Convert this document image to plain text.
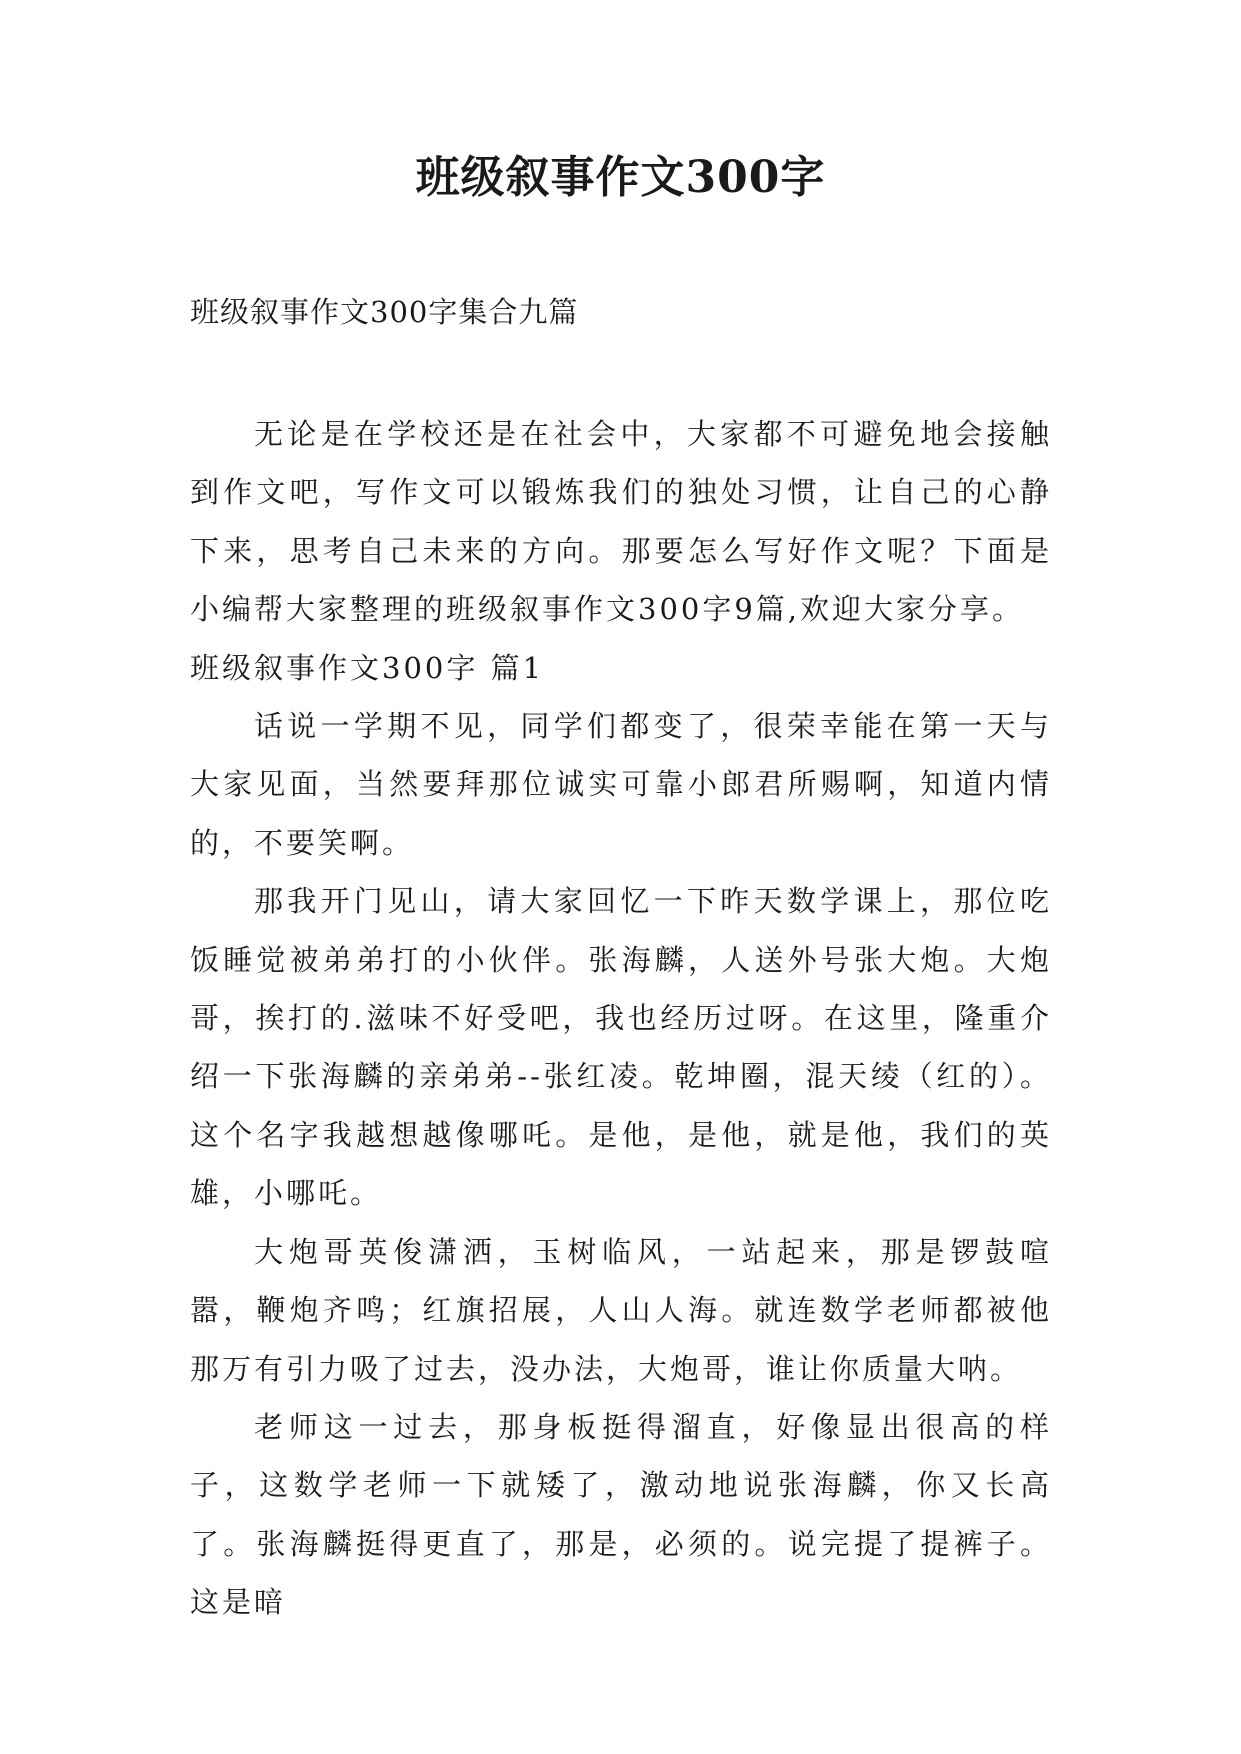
班级叙事作文300字
班级叙事作文300字集合九篇

无论是在学校还是在社会中，大家都不可避免地会接触到作文吧，写作文可以锻炼我们的独处习惯，让自己的心静下来，思考自己未来的方向。那要怎么写好作文呢？下面是小编帮大家整理的班级叙事作文300字9篇,欢迎大家分享。

班级叙事作文300字 篇1

话说一学期不见，同学们都变了，很荣幸能在第一天与大家见面，当然要拜那位诚实可靠小郎君所赐啊，知道内情的，不要笑啊。

那我开门见山，请大家回忆一下昨天数学课上，那位吃饭睡觉被弟弟打的小伙伴。张海麟，人送外号张大炮。大炮哥，挨打的.滋味不好受吧，我也经历过呀。在这里，隆重介绍一下张海麟的亲弟弟--张红凌。乾坤圈，混天绫（红的）。这个名字我越想越像哪吒。是他，是他，就是他，我们的英雄，小哪吒。

大炮哥英俊潇洒，玉树临风，一站起来，那是锣鼓喧嚣，鞭炮齐鸣；红旗招展，人山人海。就连数学老师都被他那万有引力吸了过去，没办法，大炮哥，谁让你质量大呐。

老师这一过去，那身板挺得溜直，好像显出很高的样子，这数学老师一下就矮了，激动地说张海麟，你又长高了。张海麟挺得更直了，那是，必须的。说完提了提裤子。这是暗
